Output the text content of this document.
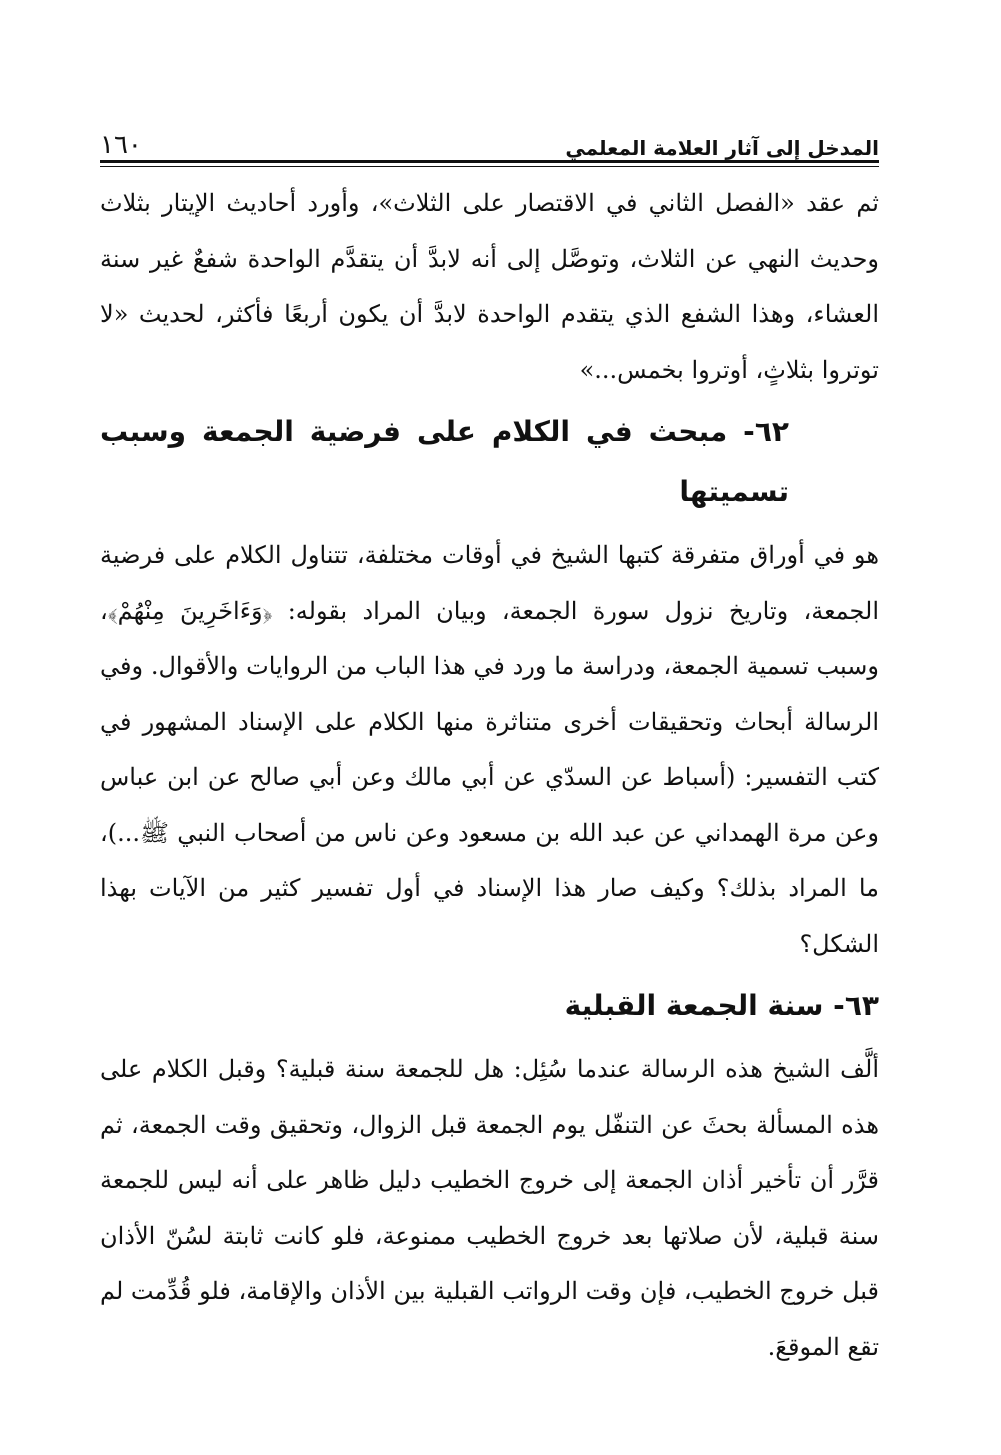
١٦٠	المدخل إلى آثار العلامة المعلمي

ثم عقد «الفصل الثاني في الاقتصار على الثلاث»، وأورد أحاديث الإيتار بثلاث وحديث النهي عن الثلاث، وتوصَّل إلى أنه لابدَّ أن يتقدَّم الواحدة شفعٌ غير سنة العشاء، وهذا الشفع الذي يتقدم الواحدة لابدَّ أن يكون أربعًا فأكثر، لحديث «لا توتروا بثلاثٍ، أوتروا بخمس...»

٦٢- مبحث في الكلام على فرضية الجمعة وسبب تسميتها

هو في أوراق متفرقة كتبها الشيخ في أوقات مختلفة، تتناول الكلام على فرضية الجمعة، وتاريخ نزول سورة الجمعة، وبيان المراد بقوله: ﴿وَءَاخَرِينَ مِنْهُمْ﴾، وسبب تسمية الجمعة، ودراسة ما ورد في هذا الباب من الروايات والأقوال. وفي الرسالة أبحاث وتحقيقات أخرى متناثرة منها الكلام على الإسناد المشهور في كتب التفسير: (أسباط عن السدّي عن أبي مالك وعن أبي صالح عن ابن عباس وعن مرة الهمداني عن عبد الله بن مسعود وعن ناس من أصحاب النبي ﷺ...)، ما المراد بذلك؟ وكيف صار هذا الإسناد في أول تفسير كثير من الآيات بهذا الشكل؟

٦٣- سنة الجمعة القبلية

ألَّف الشيخ هذه الرسالة عندما سُئِل: هل للجمعة سنة قبلية؟ وقبل الكلام على هذه المسألة بحثَ عن التنفّل يوم الجمعة قبل الزوال، وتحقيق وقت الجمعة، ثم قرَّر أن تأخير أذان الجمعة إلى خروج الخطيب دليل ظاهر على أنه ليس للجمعة سنة قبلية، لأن صلاتها بعد خروج الخطيب ممنوعة، فلو كانت ثابتة لسُنّ الأذان قبل خروج الخطيب، فإن وقت الرواتب القبلية بين الأذان والإقامة، فلو قُدِّمت لم تقع الموقعَ.
